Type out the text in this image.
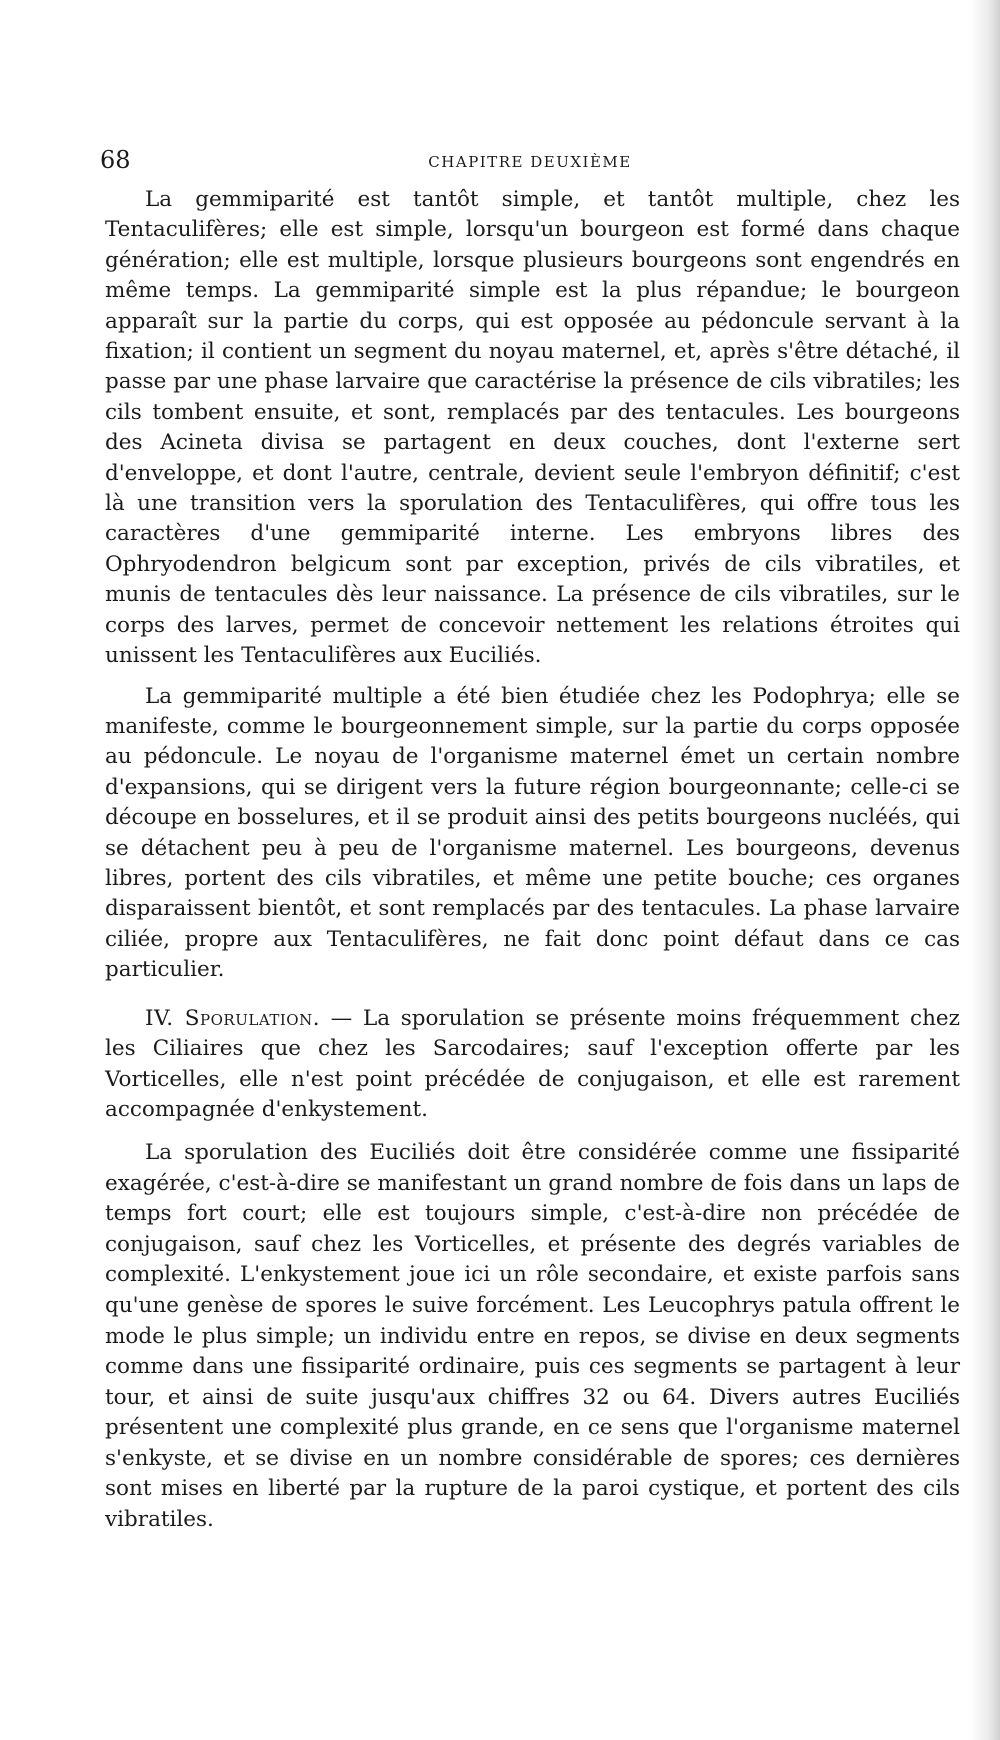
68	CHAPITRE DEUXIÈME

La gemmiparité est tantôt simple, et tantôt multiple, chez les Tentaculifères; elle est simple, lorsqu'un bourgeon est formé dans chaque génération; elle est multiple, lorsque plusieurs bourgeons sont engendrés en même temps. La gemmiparité simple est la plus répandue; le bourgeon apparaît sur la partie du corps, qui est opposée au pédoncule servant à la fixation; il contient un segment du noyau maternel, et, après s'être détaché, il passe par une phase larvaire que caractérise la présence de cils vibratiles; les cils tombent ensuite, et sont, remplacés par des tentacules. Les bourgeons des Acineta divisa se partagent en deux couches, dont l'externe sert d'enveloppe, et dont l'autre, centrale, devient seule l'embryon définitif; c'est là une transition vers la sporulation des Tentaculifères, qui offre tous les caractères d'une gemmiparité interne. Les embryons libres des Ophryodendron belgicum sont par exception, privés de cils vibratiles, et munis de tentacules dès leur naissance. La présence de cils vibratiles, sur le corps des larves, permet de concevoir nettement les relations étroites qui unissent les Tentaculifères aux Euciliés.

La gemmiparité multiple a été bien étudiée chez les Podophrya; elle se manifeste, comme le bourgeonnement simple, sur la partie du corps opposée au pédoncule. Le noyau de l'organisme maternel émet un certain nombre d'expansions, qui se dirigent vers la future région bourgeonnante; celle-ci se découpe en bosselures, et il se produit ainsi des petits bourgeons nucléés, qui se détachent peu à peu de l'organisme maternel. Les bourgeons, devenus libres, portent des cils vibratiles, et même une petite bouche; ces organes disparaissent bientôt, et sont remplacés par des tentacules. La phase larvaire ciliée, propre aux Tentaculifères, ne fait donc point défaut dans ce cas particulier.

IV. Sporulation. — La sporulation se présente moins fréquemment chez les Ciliaires que chez les Sarcodaires; sauf l'exception offerte par les Vorticelles, elle n'est point précédée de conjugaison, et elle est rarement accompagnée d'enkystement.

La sporulation des Euciliés doit être considérée comme une fissiparité exagérée, c'est-à-dire se manifestant un grand nombre de fois dans un laps de temps fort court; elle est toujours simple, c'est-à-dire non précédée de conjugaison, sauf chez les Vorticelles, et présente des degrés variables de complexité. L'enkystement joue ici un rôle secondaire, et existe parfois sans qu'une genèse de spores le suive forcément. Les Leucophrys patula offrent le mode le plus simple; un individu entre en repos, se divise en deux segments comme dans une fissiparité ordinaire, puis ces segments se partagent à leur tour, et ainsi de suite jusqu'aux chiffres 32 ou 64. Divers autres Euciliés présentent une complexité plus grande, en ce sens que l'organisme maternel s'enkyste, et se divise en un nombre considérable de spores; ces dernières sont mises en liberté par la rupture de la paroi cystique, et portent des cils vibratiles.
